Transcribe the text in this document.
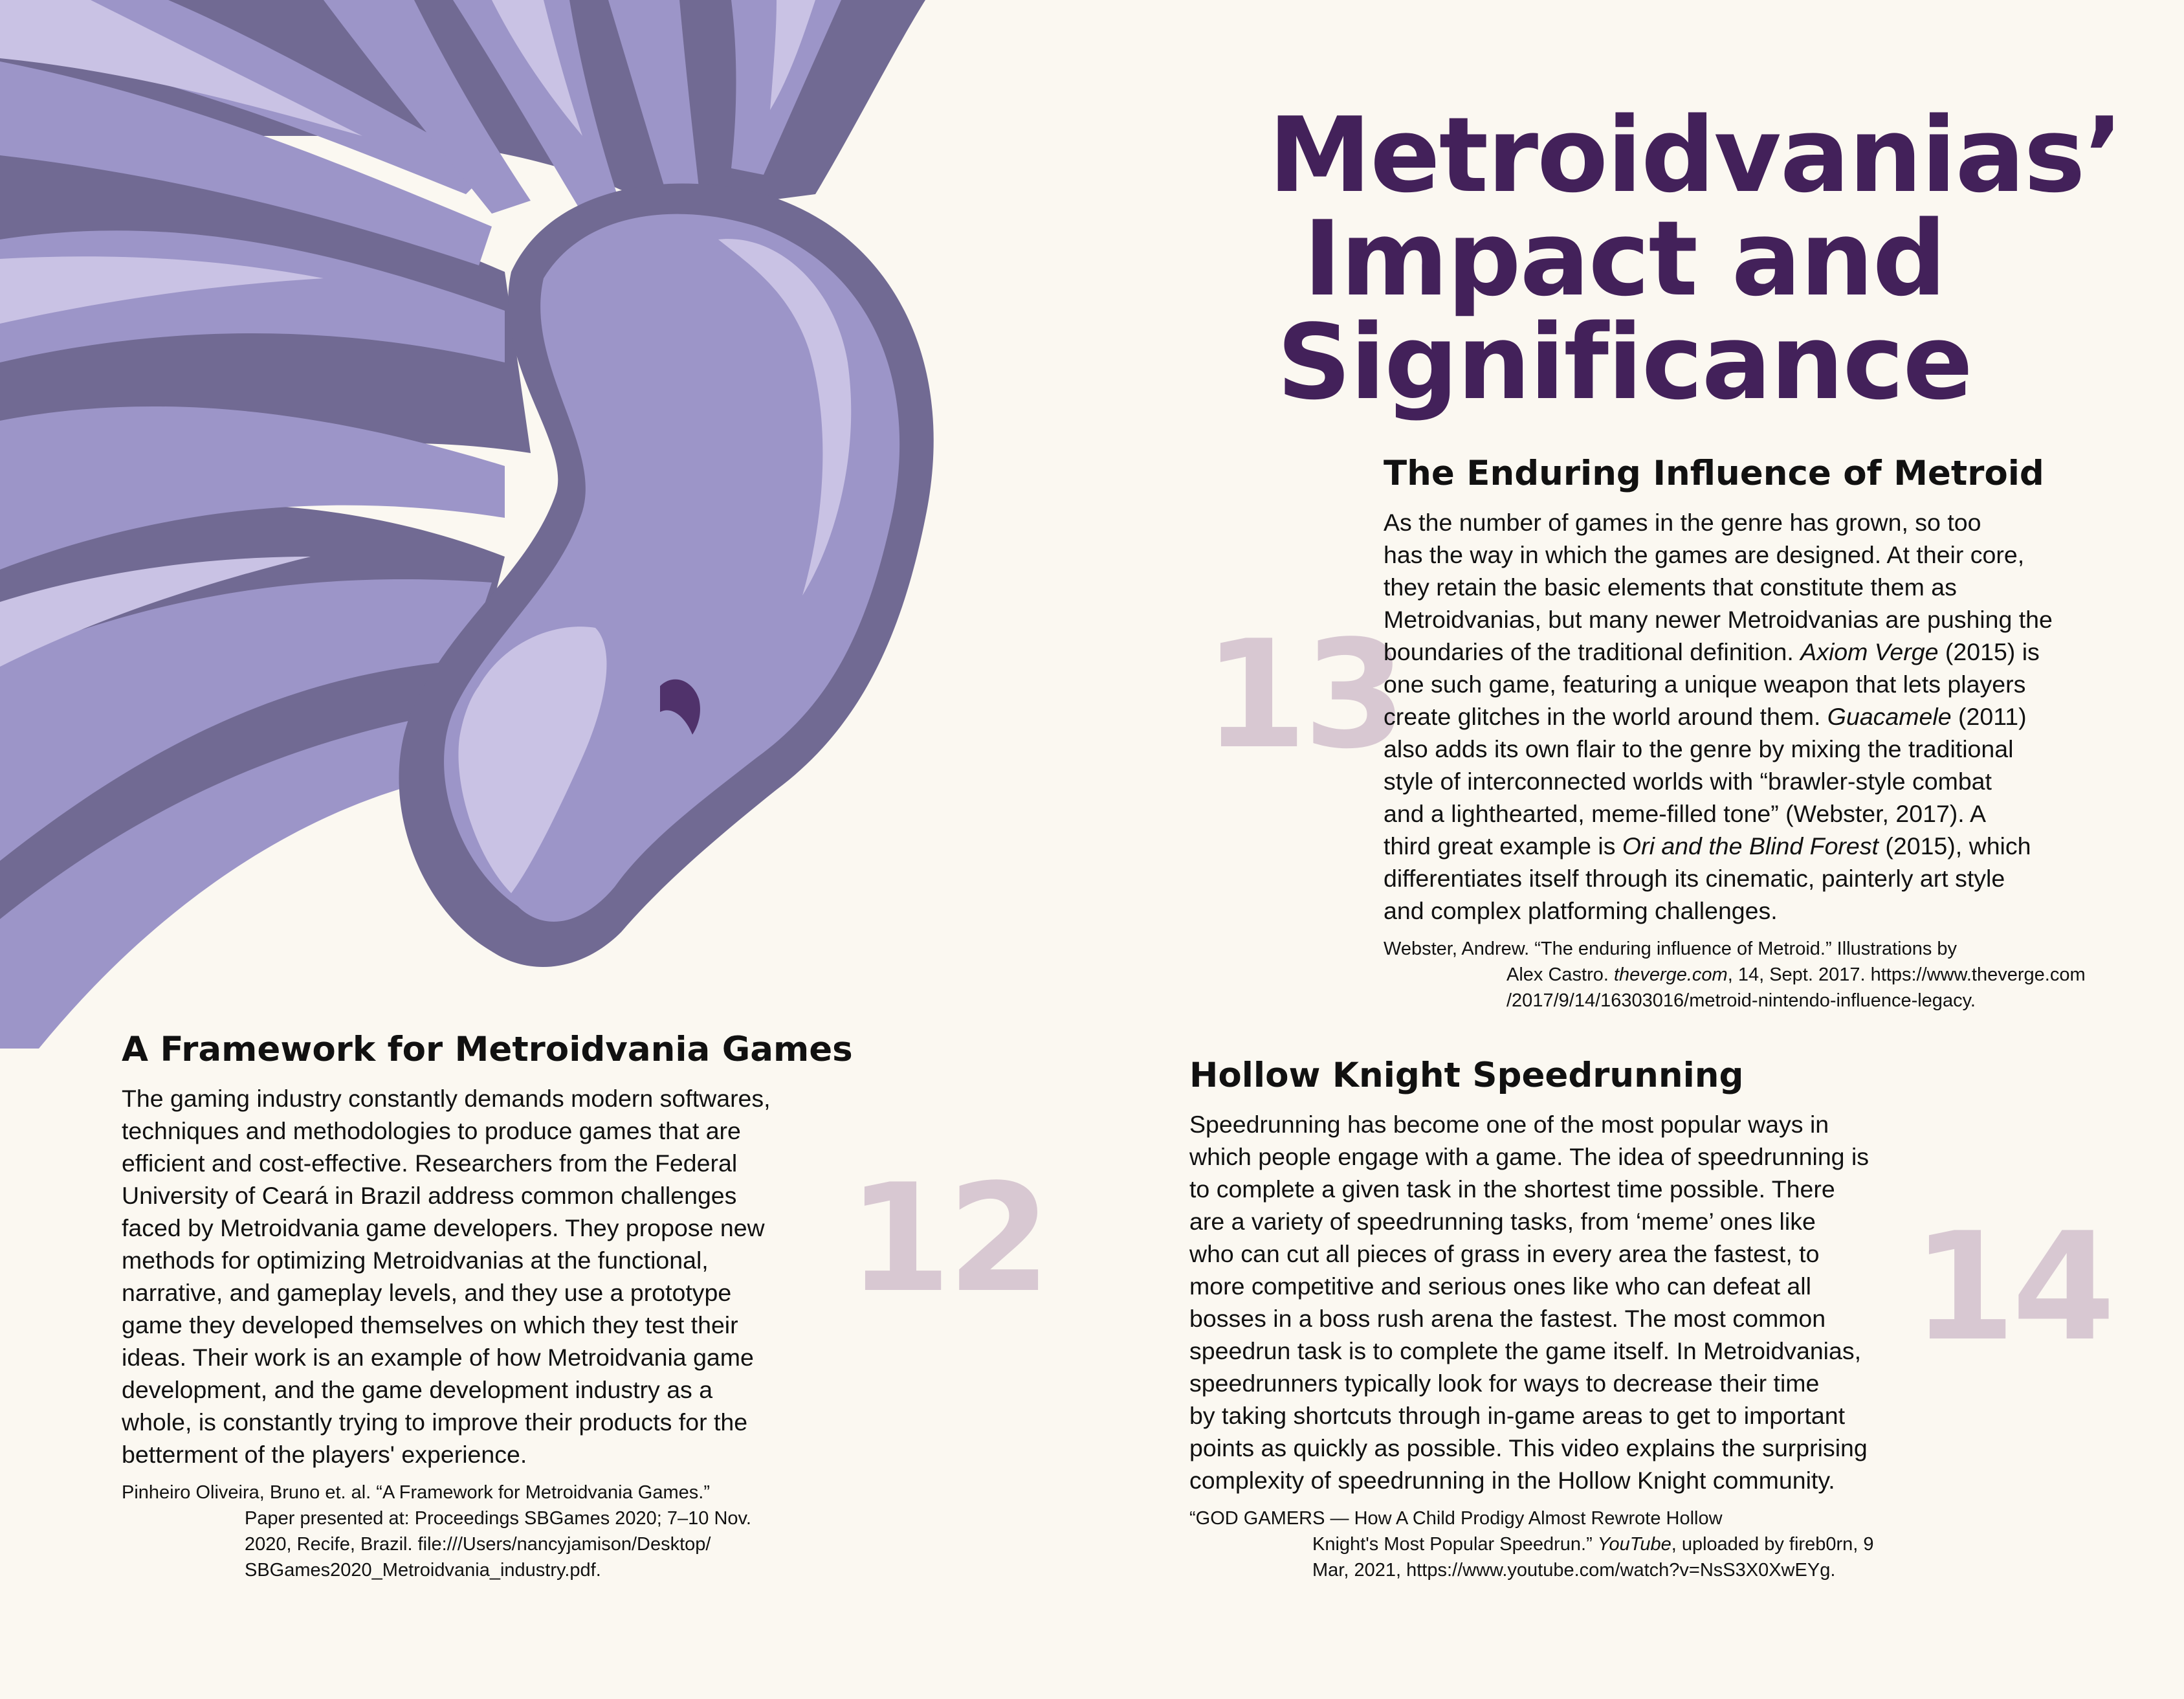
Metroidvanias’
Impact and
Significance

13

12	14

The Enduring Influence of Metroid
As the number of games in the genre has grown, so too
has the way in which the games are designed. At their core,
they retain the basic elements that constitute them as
Metroidvanias, but many newer Metroidvanias are pushing the
boundaries of the traditional definition. Axiom Verge (2015) is
one such game, featuring a unique weapon that lets players
create glitches in the world around them. Guacamele (2011)
also adds its own flair to the genre by mixing the traditional
style of interconnected worlds with “brawler-style combat
and a lighthearted, meme-filled tone” (Webster, 2017). A
third great example is Ori and the Blind Forest (2015), which
differentiates itself through its cinematic, painterly art style
and complex platforming challenges.
Webster, Andrew. “The enduring influence of Metroid.” Illustrations by
Alex Castro. theverge.com, 14, Sept. 2017. https://www.theverge.com
/2017/9/14/16303016/metroid-nintendo-influence-legacy.
A Framework for Metroidvania Games
The gaming industry constantly demands modern softwares,
techniques and methodologies to produce games that are
efficient and cost-effective. Researchers from the Federal
University of Ceará in Brazil address common challenges
faced by Metroidvania game developers. They propose new
methods for optimizing Metroidvanias at the functional,
narrative, and gameplay levels, and they use a prototype
game they developed themselves on which they test their
ideas. Their work is an example of how Metroidvania game
development, and the game development industry as a
whole, is constantly trying to improve their products for the
betterment of the players' experience.
Pinheiro Oliveira, Bruno et. al. “A Framework for Metroidvania Games.”
Paper presented at: Proceedings SBGames 2020; 7–10 Nov.
2020, Recife, Brazil. file:///Users/nancyjamison/Desktop/
SBGames2020_Metroidvania_industry.pdf.
Hollow Knight Speedrunning
Speedrunning has become one of the most popular ways in
which people engage with a game. The idea of speedrunning is
to complete a given task in the shortest time possible. There
are a variety of speedrunning tasks, from ‘meme’ ones like
who can cut all pieces of grass in every area the fastest, to
more competitive and serious ones like who can defeat all
bosses in a boss rush arena the fastest. The most common
speedrun task is to complete the game itself. In Metroidvanias,
speedrunners typically look for ways to decrease their time
by taking shortcuts through in-game areas to get to important
points as quickly as possible. This video explains the surprising
complexity of speedrunning in the Hollow Knight community.
“GOD GAMERS — How A Child Prodigy Almost Rewrote Hollow
Knight's Most Popular Speedrun.” YouTube, uploaded by fireb0rn, 9
Mar, 2021, https://www.youtube.com/watch?v=NsS3X0XwEYg.
